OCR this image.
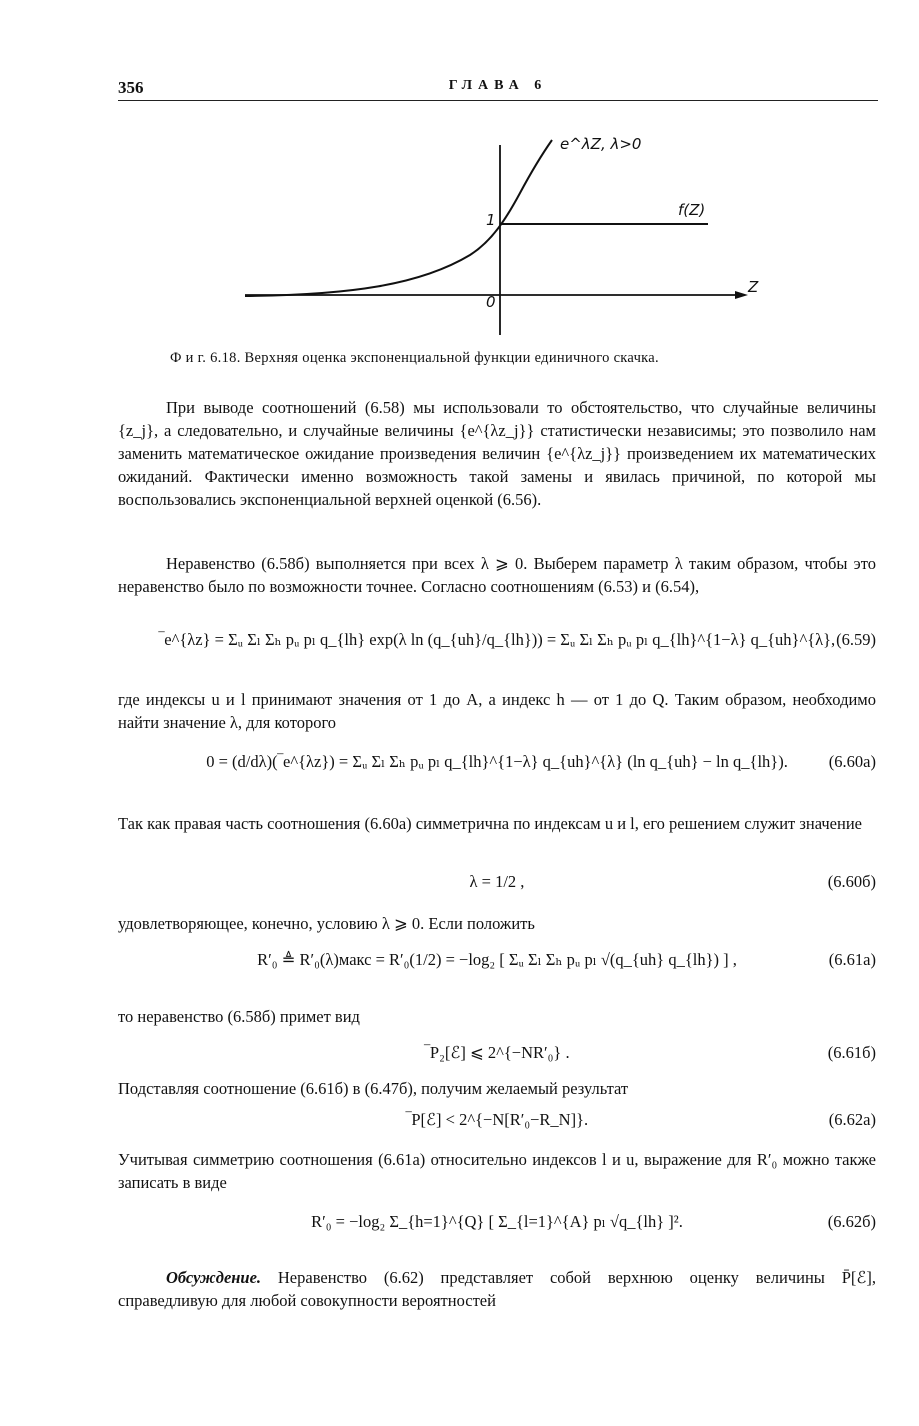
356	ГЛАВА 6
e^λZ, λ>0
f(Z)
1
0
Z
Ф и г. 6.18. Верхняя оценка экспоненциальной функции единичного скачка.
При выводе соотношений (6.58) мы использовали то обстоятельство, что случайные величины {z_j}, а следовательно, и случайные величины {e^{λz_j}} статистически независимы; это позволило нам заменить математическое ожидание произведения величин {e^{λz_j}} произведением их математических ожиданий. Фактически именно возможность такой замены и явилась причиной, по которой мы воспользовались экспоненциальной верхней оценкой (6.56).
Неравенство (6.58б) выполняется при всех λ ⩾ 0. Выберем параметр λ таким образом, чтобы это неравенство было по возможности точнее. Согласно соотношениям (6.53) и (6.54),
‾e^{λz} = Σᵤ Σₗ Σₕ pᵤ pₗ q_{lh} exp(λ ln (q_{uh}/q_{lh})) = Σᵤ Σₗ Σₕ pᵤ pₗ q_{lh}^{1−λ} q_{uh}^{λ}, (6.59)
где индексы u и l принимают значения от 1 до A, а индекс h — от 1 до Q. Таким образом, необходимо найти значение λ, для которого
0 = (d/dλ)(‾e^{λz}) = Σᵤ Σₗ Σₕ pᵤ pₗ q_{lh}^{1−λ} q_{uh}^{λ} (ln q_{uh} − ln q_{lh}).	(6.60а)
Так как правая часть соотношения (6.60а) симметрична по индексам u и l, его решением служит значение
λ = 1/2 ,	(6.60б)
удовлетворяющее, конечно, условию λ ⩾ 0. Если положить
R′₀ ≜ R′₀(λ)макс = R′₀(1/2) = −log₂ [ Σᵤ Σₗ Σₕ pᵤ pₗ √(q_{uh} q_{lh}) ] ,	(6.61а)
то неравенство (6.58б) примет вид
‾P₂[ℰ] ⩽ 2^{−NR′₀} .	(6.61б)
Подставляя соотношение (6.61б) в (6.47б), получим желаемый результат
‾P[ℰ] < 2^{−N[R′₀−R_N]}.	(6.62а)
Учитывая симметрию соотношения (6.61а) относительно индексов l и u, выражение для R′₀ можно также записать в виде
R′₀ = −log₂ Σ_{h=1}^{Q} [ Σ_{l=1}^{A} pₗ √q_{lh} ]².	(6.62б)
Обсуждение. Неравенство (6.62) представляет собой верхнюю оценку величины P̄[ℰ], справедливую для любой совокупности вероятностей
